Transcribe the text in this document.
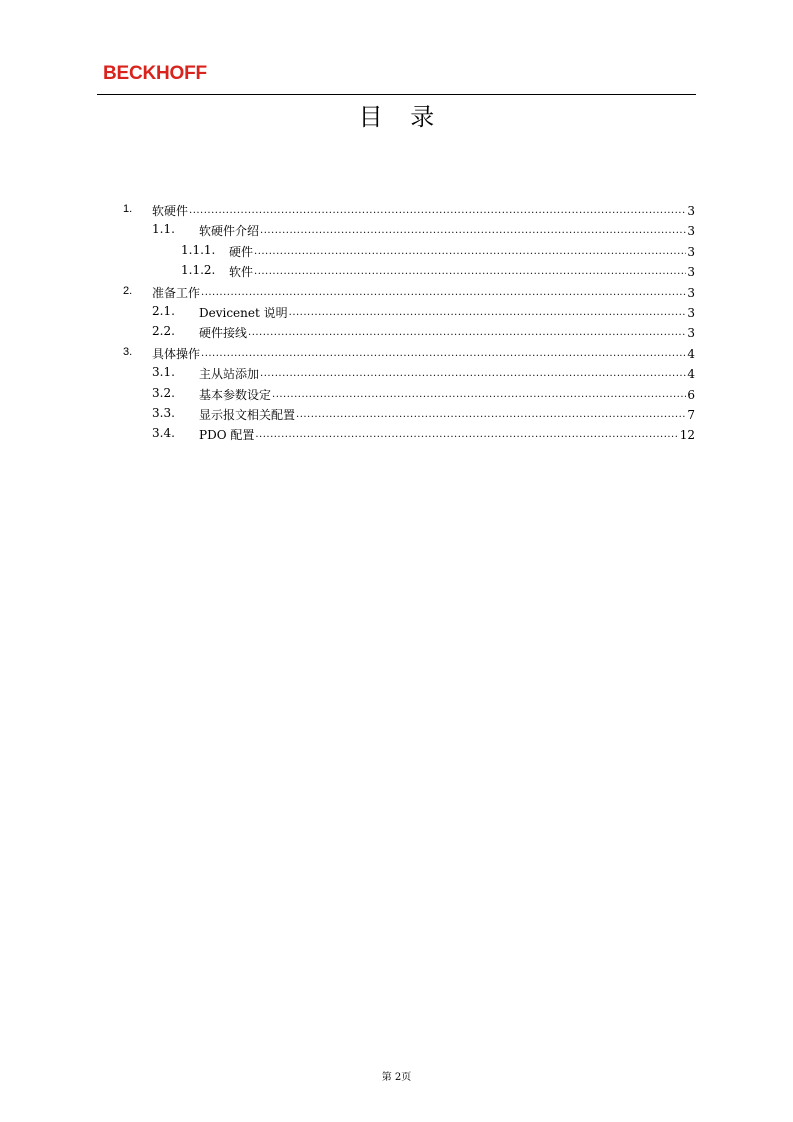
BECKHOFF
目 录
1. 软硬件 .....	3
1.1. 软硬件介绍 .....	3
1.1.1. 硬件 .....	3
1.1.2. 软件 .....	3
2. 准备工作 .....	3
2.1. Devicenet 说明 .....	3
2.2. 硬件接线 .....	3
3. 具体操作 .....	4
3.1. 主从站添加 .....	4
3.2. 基本参数设定 .....	6
3.3. 显示报文相关配置 .....	7
3.4. PDO 配置 .....	12
第 2页
